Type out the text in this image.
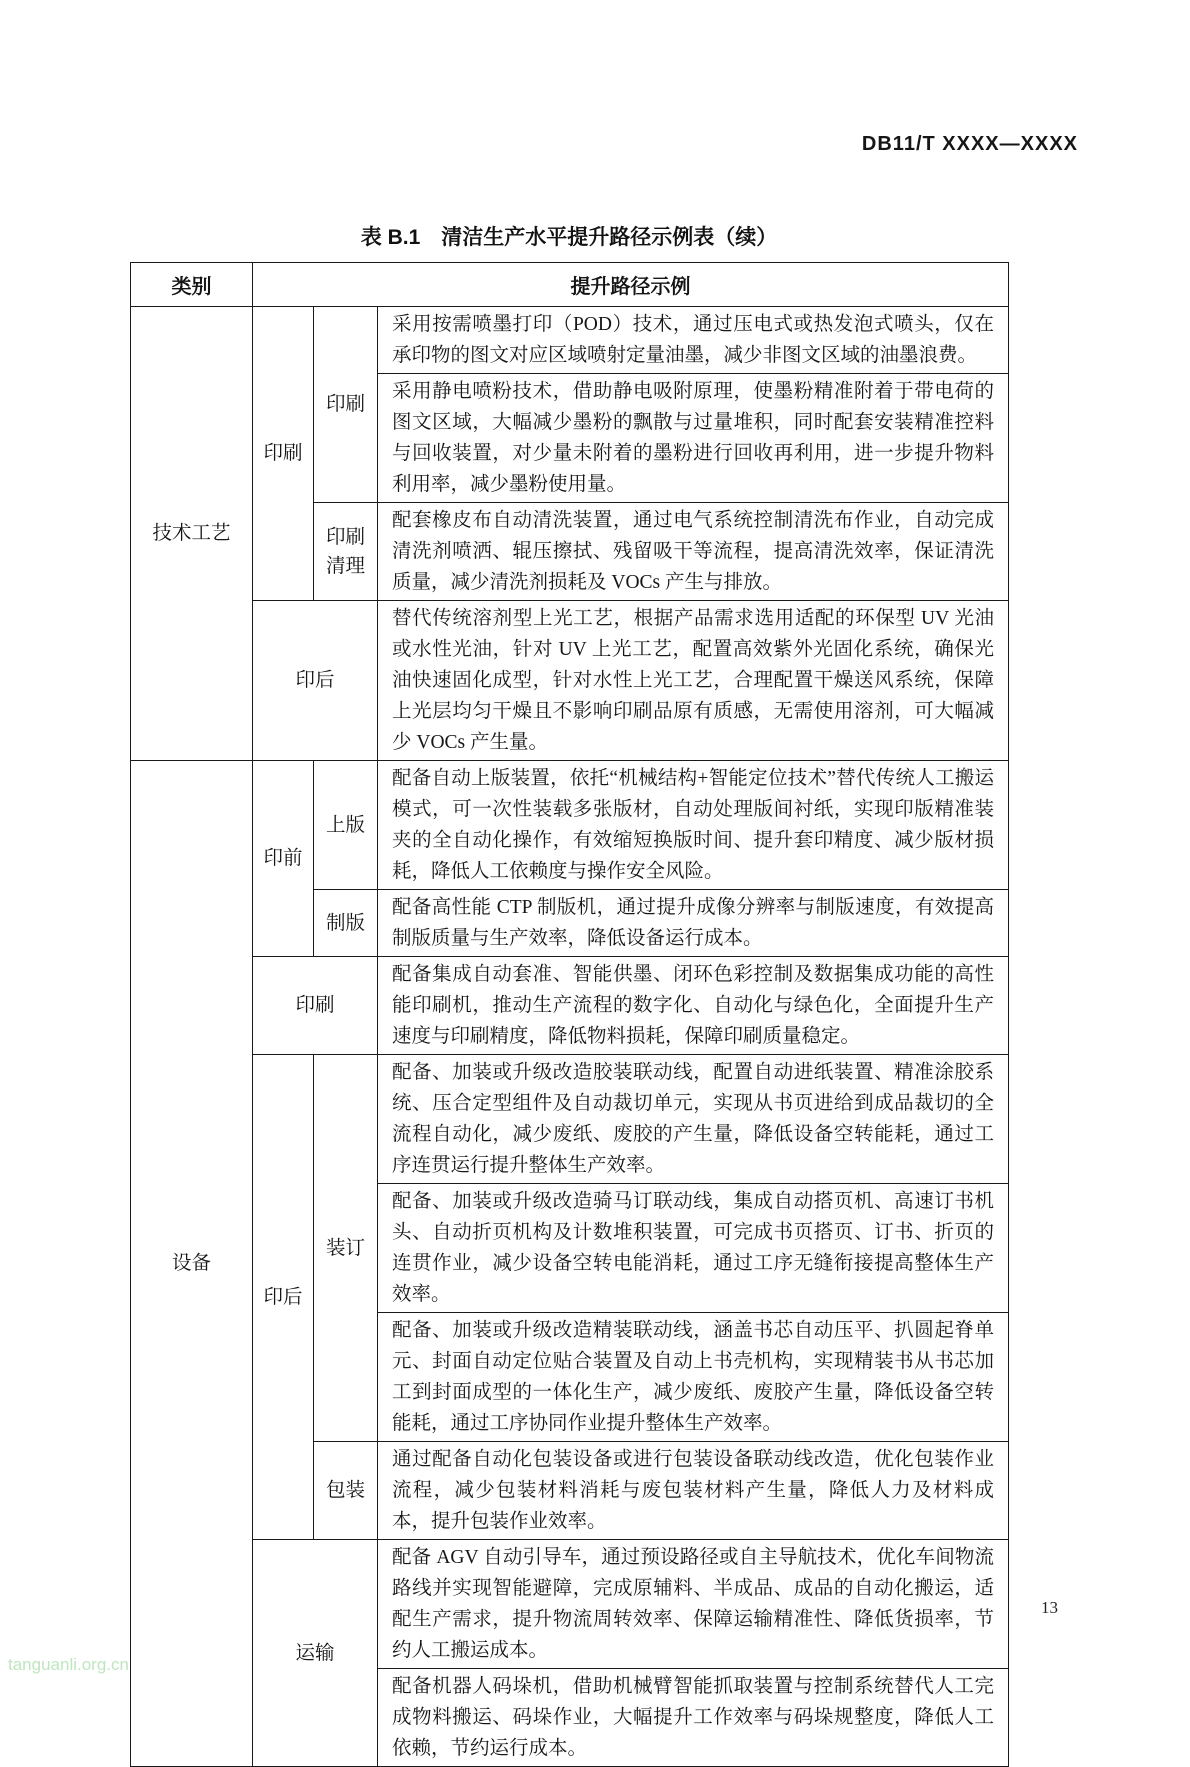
DB11/T XXXX—XXXX
表 B.1　清洁生产水平提升路径示例表（续）
类别	提升路径示例		
技术工艺	印刷	印刷	采用按需喷墨打印（POD）技术，通过压电式或热发泡式喷头，仅在承印物的图文对应区域喷射定量油墨，减少非图文区域的油墨浪费。
			采用静电喷粉技术，借助静电吸附原理，使墨粉精准附着于带电荷的图文区域，大幅减少墨粉的飘散与过量堆积，同时配套安装精准控料与回收装置，对少量未附着的墨粉进行回收再利用，进一步提升物料利用率，减少墨粉使用量。
		印刷清理	配套橡皮布自动清洗装置，通过电气系统控制清洗布作业，自动完成清洗剂喷洒、辊压擦拭、残留吸干等流程，提高清洗效率，保证清洗质量，减少清洗剂损耗及 VOCs 产生与排放。
	印后		替代传统溶剂型上光工艺，根据产品需求选用适配的环保型 UV 光油或水性光油，针对 UV 上光工艺，配置高效紫外光固化系统，确保光油快速固化成型，针对水性上光工艺，合理配置干燥送风系统，保障上光层均匀干燥且不影响印刷品原有质感，无需使用溶剂，可大幅减少 VOCs 产生量。
设备	印前	上版	配备自动上版装置，依托“机械结构+智能定位技术”替代传统人工搬运模式，可一次性装载多张版材，自动处理版间衬纸，实现印版精准装夹的全自动化操作，有效缩短换版时间、提升套印精度、减少版材损耗，降低人工依赖度与操作安全风险。
		制版	配备高性能 CTP 制版机，通过提升成像分辨率与制版速度，有效提高制版质量与生产效率，降低设备运行成本。
	印刷		配备集成自动套准、智能供墨、闭环色彩控制及数据集成功能的高性能印刷机，推动生产流程的数字化、自动化与绿色化，全面提升生产速度与印刷精度，降低物料损耗，保障印刷质量稳定。
	印后	装订	配备、加装或升级改造胶装联动线，配置自动进纸装置、精准涂胶系统、压合定型组件及自动裁切单元，实现从书页进给到成品裁切的全流程自动化，减少废纸、废胶的产生量，降低设备空转能耗，通过工序连贯运行提升整体生产效率。
			配备、加装或升级改造骑马订联动线，集成自动搭页机、高速订书机头、自动折页机构及计数堆积装置，可完成书页搭页、订书、折页的连贯作业，减少设备空转电能消耗，通过工序无缝衔接提高整体生产效率。
			配备、加装或升级改造精装联动线，涵盖书芯自动压平、扒圆起脊单元、封面自动定位贴合装置及自动上书壳机构，实现精装书从书芯加工到封面成型的一体化生产，减少废纸、废胶产生量，降低设备空转能耗，通过工序协同作业提升整体生产效率。
		包装	通过配备自动化包装设备或进行包装设备联动线改造，优化包装作业流程，减少包装材料消耗与废包装材料产生量，降低人力及材料成本，提升包装作业效率。
	运输		配备 AGV 自动引导车，通过预设路径或自主导航技术，优化车间物流路线并实现智能避障，完成原辅料、半成品、成品的自动化搬运，适配生产需求，提升物流周转效率、保障运输精准性、降低货损率，节约人工搬运成本。
			配备机器人码垛机，借助机械臂智能抓取装置与控制系统替代人工完成物料搬运、码垛作业，大幅提升工作效率与码垛规整度，降低人工依赖，节约运行成本。
13
tanguanli.org.cn
